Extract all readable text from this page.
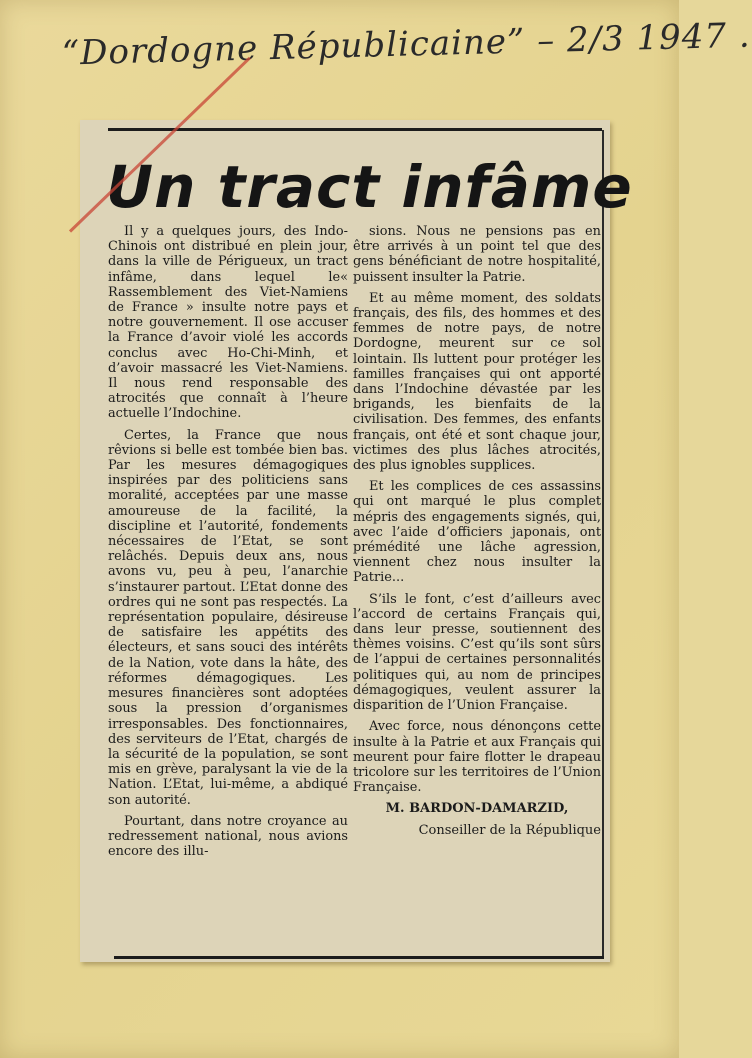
“Dordogne Républicaine” – 2/3 1947 .
Un tract infâme

Il y a quelques jours, des Indo-Chinois ont distribué en plein jour, dans la ville de Périgueux, un tract infâme, dans lequel le« Rassemblement des Viet-Namiens de France » insulte notre pays et notre gouvernement. Il ose accuser la France d’avoir violé les accords conclus avec Ho-Chi-Minh, et d’avoir massacré les Viet-Namiens. Il nous rend responsable des atrocités que connaît à l’heure actuelle l’Indochine.

Certes, la France que nous rêvions si belle est tombée bien bas. Par les mesures démagogiques inspirées par des politiciens sans moralité, acceptées par une masse amoureuse de la facilité, la discipline et l’autorité, fondements nécessaires de l’Etat, se sont relâchés. Depuis deux ans, nous avons vu, peu à peu, l’anarchie s’instaurer partout. L’Etat donne des ordres qui ne sont pas respectés. La représentation populaire, désireuse de satisfaire les appétits des électeurs, et sans souci des intérêts de la Nation, vote dans la hâte, des réformes démagogiques. Les mesures financières sont adoptées sous la pression d’organismes irresponsables. Des fonctionnaires, des serviteurs de l’Etat, chargés de la sécurité de la population, se sont mis en grève, paralysant la vie de la Nation. L’Etat, lui-même, a abdiqué son autorité.

Pourtant, dans notre croyance au redressement national, nous avions encore des illu-

sions. Nous ne pensions pas en être arrivés à un point tel que des gens bénéficiant de notre hospitalité, puissent insulter la Patrie.

Et au même moment, des soldats français, des fils, des hommes et des femmes de notre pays, de notre Dordogne, meurent sur ce sol lointain. Ils luttent pour protéger les familles françaises qui ont apporté dans l’Indochine dévastée par les brigands, les bienfaits de la civilisation. Des femmes, des enfants français, ont été et sont chaque jour, victimes des plus lâches atrocités, des plus ignobles supplices.

Et les complices de ces assassins qui ont marqué le plus complet mépris des engagements signés, qui, avec l’aide d’officiers japonais, ont prémédité une lâche agression, viennent chez nous insulter la Patrie...

S’ils le font, c’est d’ailleurs avec l’accord de certains Français qui, dans leur presse, soutiennent des thèmes voisins. C’est qu’ils sont sûrs de l’appui de certaines personnalités politiques qui, au nom de principes démagogiques, veulent assurer la disparition de l’Union Française.

Avec force, nous dénonçons cette insulte à la Patrie et aux Français qui meurent pour faire flotter le drapeau tricolore sur les territoires de l’Union Française.

M. BARDON-DAMARZID,

Conseiller de la République
